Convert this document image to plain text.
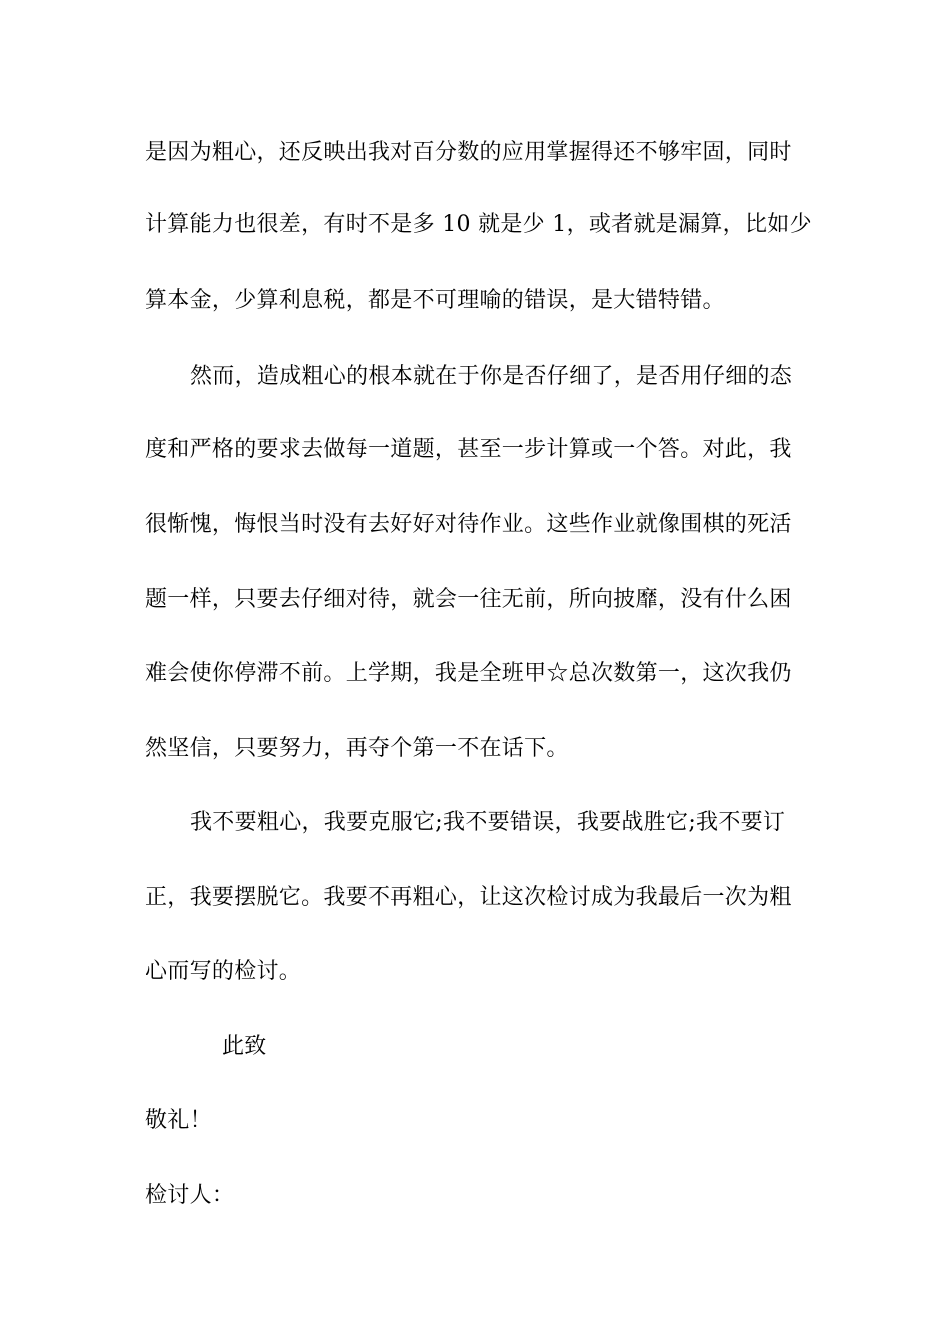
是因为粗心，还反映出我对百分数的应用掌握得还不够牢固，同时
计算能力也很差，有时不是多 10 就是少 1，或者就是漏算，比如少
算本金，少算利息税，都是不可理喻的错误，是大错特错。
然而，造成粗心的根本就在于你是否仔细了，是否用仔细的态
度和严格的要求去做每一道题，甚至一步计算或一个答。对此，我
很惭愧，悔恨当时没有去好好对待作业。这些作业就像围棋的死活
题一样，只要去仔细对待，就会一往无前，所向披靡，没有什么困
难会使你停滞不前。上学期，我是全班甲☆总次数第一，这次我仍
然坚信，只要努力，再夺个第一不在话下。
我不要粗心，我要克服它;我不要错误，我要战胜它;我不要订
正，我要摆脱它。我要不再粗心，让这次检讨成为我最后一次为粗
心而写的检讨。
此致
敬礼！
检讨人：
